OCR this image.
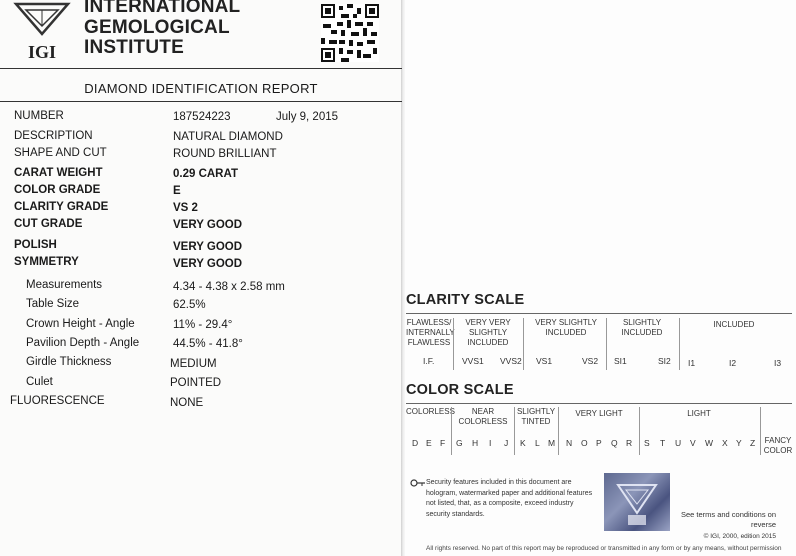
IGI
INTERNATIONAL
GEMOLOGICAL
INSTITUTE
DIAMOND IDENTIFICATION REPORT
NUMBER	187524223	July 9, 2015
DESCRIPTION	NATURAL DIAMOND
SHAPE AND CUT	ROUND BRILLIANT
CARAT WEIGHT	0.29 CARAT
COLOR GRADE	E
CLARITY GRADE	VS 2
CUT GRADE	VERY GOOD
POLISH	VERY GOOD
SYMMETRY	VERY GOOD
Measurements	4.34 - 4.38 x 2.58 mm
Table Size	62.5%
Crown Height - Angle	11% - 29.4°
Pavilion Depth - Angle	44.5% - 41.8°
Girdle Thickness	MEDIUM
Culet	POINTED
FLUORESCENCE	NONE
CLARITY SCALE
FLAWLESS/ INTERNALLY FLAWLESS
VERY VERY SLIGHTLY INCLUDED
VERY SLIGHTLY INCLUDED
SLIGHTLY INCLUDED
INCLUDED
I.F.	VVS1 VVS2 VS1	VS2 SI1	SI2 I1	I2	I3
COLOR SCALE
COLORLESS	NEAR COLORLESS
SLIGHTLY TINTED
VERY LIGHT	LIGHT
FANCY COLOR
D E F G H I J K L M N O P Q R S T U V W X Y Z
Security features included in this document are hologram, watermarked paper and additional features not listed, that, as a composite, exceed industry security standards.	See terms and conditions on reverse
© IGI, 2000, edition 2015
All rights reserved. No part of this report may be reproduced or transmitted in any form or by any means, without permission
